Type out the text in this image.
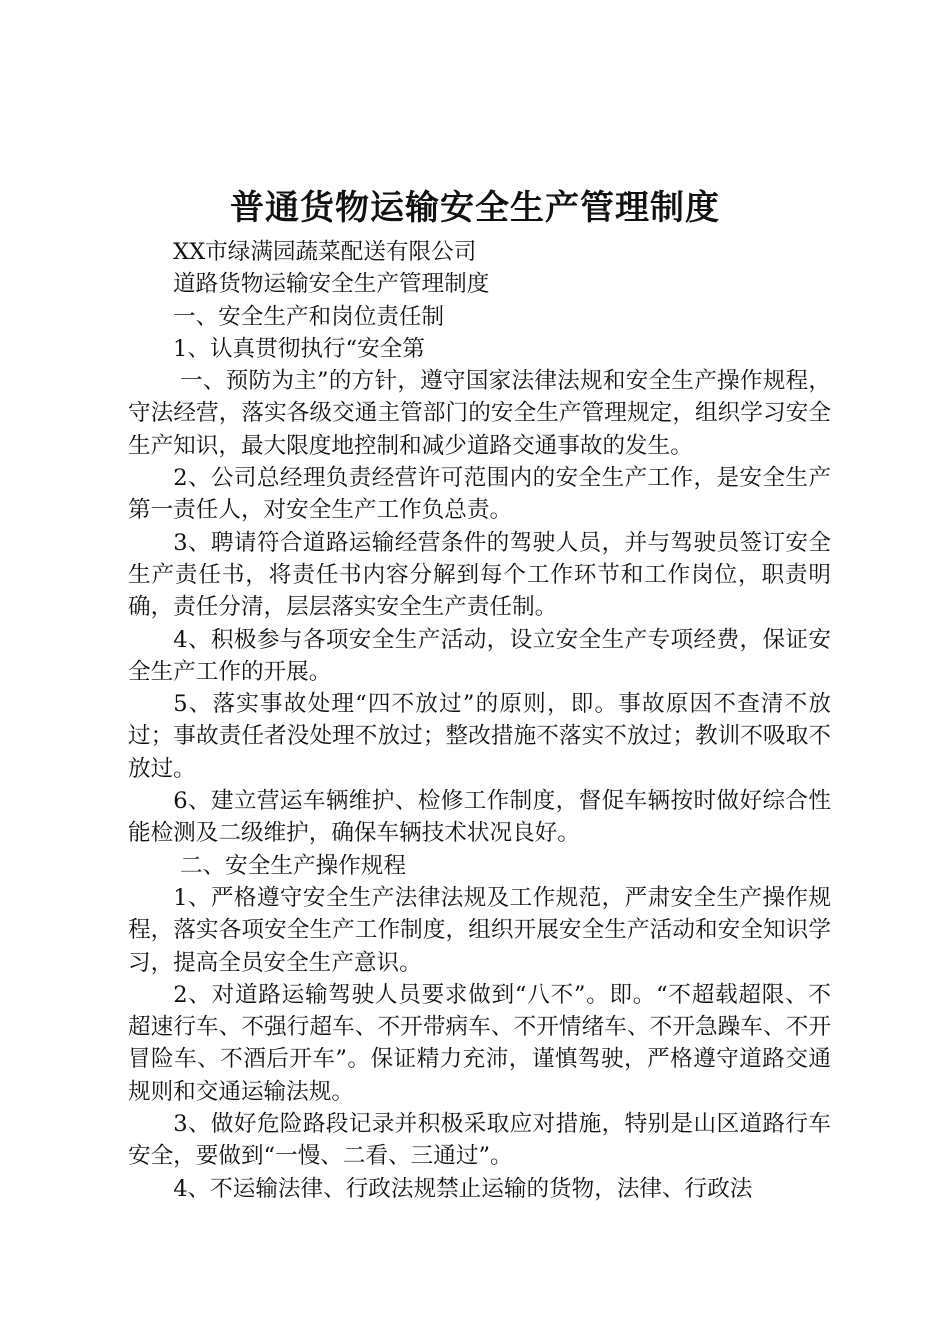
普通货物运输安全生产管理制度

XX市绿满园蔬菜配送有限公司

道路货物运输安全生产管理制度

一、安全生产和岗位责任制

1、认真贯彻执行“安全第

一、预防为主”的方针，遵守国家法律法规和安全生产操作规程，守法经营，落实各级交通主管部门的安全生产管理规定，组织学习安全生产知识，最大限度地控制和减少道路交通事故的发生。

2、公司总经理负责经营许可范围内的安全生产工作，是安全生产第一责任人，对安全生产工作负总责。

3、聘请符合道路运输经营条件的驾驶人员，并与驾驶员签订安全生产责任书，将责任书内容分解到每个工作环节和工作岗位，职责明确，责任分清，层层落实安全生产责任制。

4、积极参与各项安全生产活动，设立安全生产专项经费，保证安全生产工作的开展。

5、落实事故处理“四不放过”的原则，即。事故原因不查清不放过；事故责任者没处理不放过；整改措施不落实不放过；教训不吸取不放过。

6、建立营运车辆维护、检修工作制度，督促车辆按时做好综合性能检测及二级维护，确保车辆技术状况良好。

二、安全生产操作规程

1、严格遵守安全生产法律法规及工作规范，严肃安全生产操作规程，落实各项安全生产工作制度，组织开展安全生产活动和安全知识学习，提高全员安全生产意识。

2、对道路运输驾驶人员要求做到“八不”。即。“不超载超限、不超速行车、不强行超车、不开带病车、不开情绪车、不开急躁车、不开冒险车、不酒后开车”。保证精力充沛，谨慎驾驶，严格遵守道路交通规则和交通运输法规。

3、做好危险路段记录并积极采取应对措施，特别是山区道路行车安全，要做到“一慢、二看、三通过”。

4、不运输法律、行政法规禁止运输的货物，法律、行政法
